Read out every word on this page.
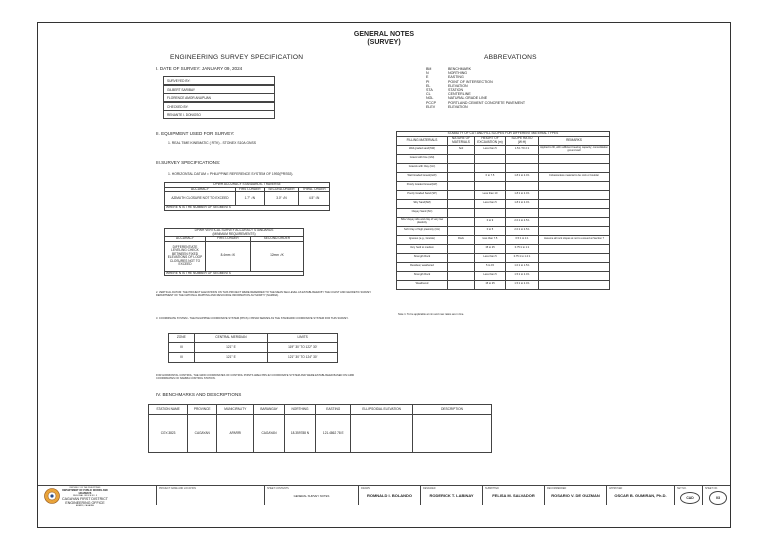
GENERAL NOTES
(SURVEY)
ENGINEERING SURVEY SPECIFICATION
I. DATE OF SURVEY: JANUARY 09, 2024
SURVEYED BY:
GILBERT SARIBAY
FLORENCE AMOR ANUPUAN
CHECKED BY:
RENANTE I. DONIOSO
II. EQUIPMENT USED FOR SURVEY:
1. REAL TIME KINEMATIC ( RTK) - STONEX S10A GNSS
III.SURVEY SPECIFICATIONS:
1. HORIZONTAL DATUM = PHILIPPINE REFERENCE SYSTEM OF 1992(PRS92).
DPWH ACCURACY STANDARDS- TRAVERSE			
ACCURACY	FIRST-ORDER	SECOND-ORDER	THIRD- ORDER
AZIMUTH CLOSURE NOT TO EXCEED	1.7" √N	3.0" √N	4.5" √N
WHERE N IS THE NUMBER OF SEGMENTS			
DPWH VERTICAL SURVEY ACCURACY STANDARDS
(MINIMUM REQUIREMENTS)		

ACCURACY	FIRST-ORDER	SECOND-ORDER
DIFFERENTIATE LEVELING CHECK BETWEEN FIXED ELEVATIONS OF LOOP CLOSURES NOT TO EXCEED	8.4mm √K	12mm √K
WHERE N IS THE NUMBER OF SEGMENTS		
2. VERTICAL DATUM: THE PROJECT ELEVATIONS ON THIS PROJECT WERE REFERRED TO THE MEAN SEA LEVEL AS ESTABLISHED BY THE COAST AND GEODETIC SURVEY DEPARTMENT OF THE NATIONAL MAPPING AND RESOURCE INFORMATION AUTHORITY (NAMRIA).
3. COORDINATE SYSTEM - THE PHILIPPINE COORDINATE SYSTEM (PPCS) / PRS92 SERVES AS THE STANDARD COORDINATE SYSTEM FOR THIS SURVEY.
ZONE	CENTRAL MERIDIAN	LIMITS
III	121° E	119° 30' TO 122° 30'
III	121° E	121° 30' TO 124° 30'
FOR HORIZONTAL CONTROL, THE GRID COORDINATES OF CONTROL POINTS AREA PRS-92 COORDINATE SYSTEM AND WERE ESTABLISHED BASED ON GRID COORDINATES OF NAMRIA CONTROL STATION.
IV. BENCHMARKS AND DESCRIPTIONS
STATION NAME	PROVINCE	MUNICIPALITY	BARANGAY	NORTHING	EASTING	ELLIPSOIDAL ELEVATION	DESCRIPTION
CGY-3823	CAGAYAN	APARRI	CAGAYAN	18.359788 N	121.4862 78 E		
ABBREVATIONS
BM	BENCHMARK
N	NORTHING
E	EASTING
PI	POINT OF INTERSECTION
EL	ELEVATION
STA	STATION
CL	CENTERLINE
NGL	NATURAL GRADE LINE
PCCP	PORTLAND CEMENT CONCRETE PAVEMENT
ELEV	ELEVATION
STABILITY OF CUT AND FILL SLOPES FOR DIFFERENT MATERIAL TYPES				
FILLING MATERIALS	NATURE OF MATERIALS	HEIGHT OF EXCAVATION (m)	SLOPE RATIO (W:H)	REMARKS
Well graded sand(SW)	Soil	Less than 5	1.5:1 TO 2:1	Applied to fill, with sufficient bearing capacity; consolidation ground well
Gravel with fine (GM)				
Gravels with Clay (GC)				
Well Graded Gravel(GW)		0 to 7.5	1.8:1 to 2.0:1	Cohesionless material to be rock or boulder
Poorly Graded Gravel(GP)				
Poorly Graded Sand (SP)		Less than 10	1.8:1 to 2.0:1	
Silty Sand(SM)		Less than 5	1.8:1 to 2.0:1	
Clayey Sand (SC)				
Silts/ clayey silts and clay of very low plasticity		0 to 9	2.0:1 to 2.5:1	
Soft Clay of high plasticity (CH)		0 to 5	2.0:1 to 2.5:1	
Igneous (e.g., Granite)	Rock	less than 7.5	0.5:1 to 1:1	Assume all rock slopes at not to exceed at Section 7
Very hard to medium		15 to 25	0.75:1 to 1:1	
Strength Rock		Less than 5	0.75:1 to 1.2:1	
Residual, weathered		5 to 15	1.0:1 to 1.5:1	
Strength Rock		Less than 5	1.5:1 to 2.0:1	
Weathered		15 to 25	1.5:1 to 2.0:1	
Note 1: To be applicable at min and max ratios are in line.
REPUBLIC OF THE PHILIPPINES
DEPARTMENT OF PUBLIC WORKS AND HIGHWAYS
REGIONAL OFFICE NO. II
CAGAYAN FIRST DISTRICT
ENGINEERING OFFICE
APARRI, CAGAYAN
PROJECT NAME AND LOCATION	SHEET CONTENTS
GENERAL SURVEY NOTES
DRAWN
ROMNALD I. BOLANDO
DESIGNED
RODERICK T. LABINAY
SUBMITTED
FELISA M. SALVADOR
RECOMMENDED
ROSARIO V. DE GUZMAN
APPROVED
OSCAR B. GUMIRAN, Ph.D.
SET NO.
CAD
SHEET NO.
03
